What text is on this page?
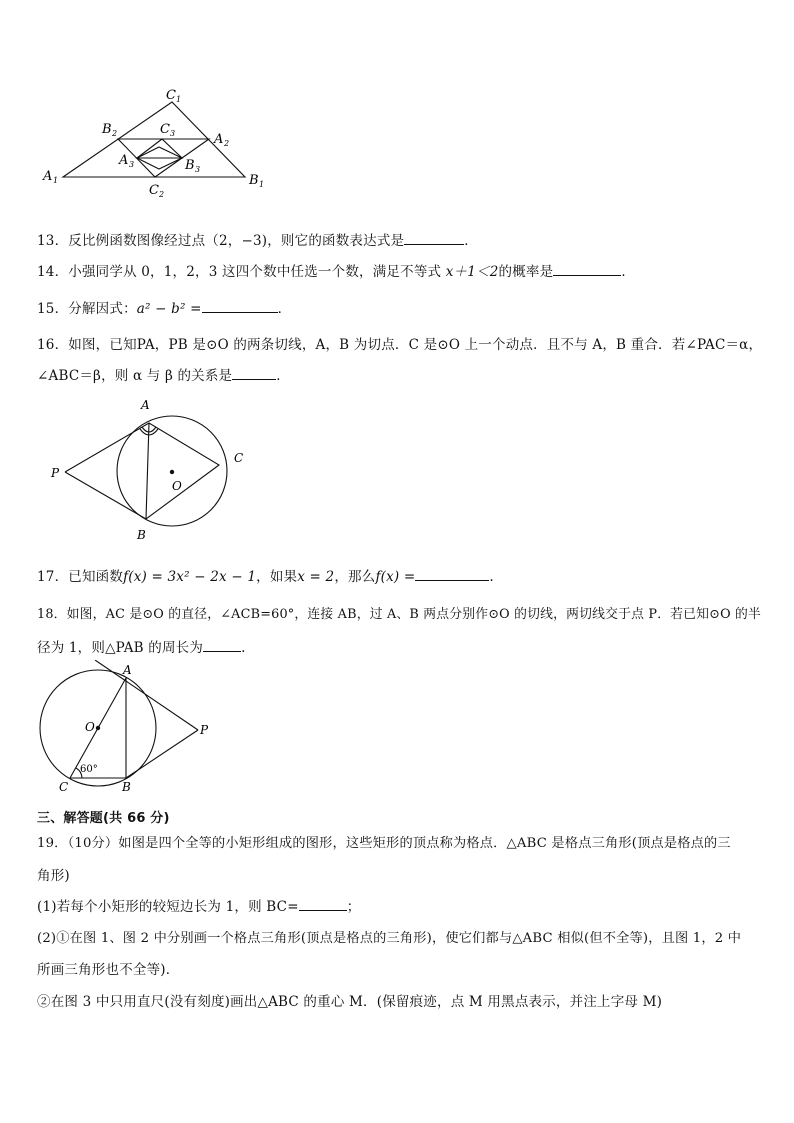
C 1
B 2	C 3	A 2
A 3	B 3
A 1
C 2
B 1
13．反比例函数图像经过点（2，−3)，则它的函数表达式是	．
14．小强同学从 0，1，2，3 这四个数中任选一个数，满足不等式 x＋1＜2的概率是	．
15．分解因式：a² − b² =	．
16．如图，已知PA，PB 是⊙O 的两条切线，A，B 为切点．C 是⊙O 上一个动点．且不与 A，B 重合．若∠PAC＝α，
∠ABC＝β，则 α 与 β 的关系是	．
A
P
C
O
B
17．已知函数f(x) = 3x² − 2x − 1，如果x = 2，那么f(x) =	.
18．如图，AC 是⊙O 的直径，∠ACB=60°，连接 AB，过 A、B 两点分别作⊙O 的切线，两切线交于点 P．若已知⊙O 的半
径为 1，则△PAB 的周长为	.
A
O	P
C	B
60°
三、解答题(共 66 分)
19．（10分）如图是四个全等的小矩形组成的图形，这些矩形的顶点称为格点．△ABC 是格点三角形(顶点是格点的三
角形)
(1)若每个小矩形的较短边长为 1，则 BC=	；
(2)①在图 1、图 2 中分别画一个格点三角形(顶点是格点的三角形)，使它们都与△ABC 相似(但不全等)，且图 1，2 中
所画三角形也不全等)．
②在图 3 中只用直尺(没有刻度)画出△ABC 的重心 M．(保留痕迹，点 M 用黑点表示，并注上字母 M)
